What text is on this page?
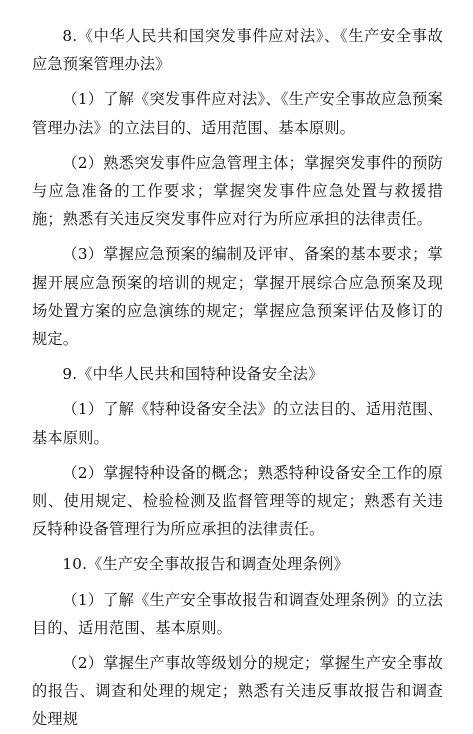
8.《中华人民共和国突发事件应对法》、《生产安全事故应急预案管理办法》

（1）了解《突发事件应对法》、《生产安全事故应急预案管理办法》的立法目的、适用范围、基本原则。

（2）熟悉突发事件应急管理主体；掌握突发事件的预防与应急准备的工作要求；掌握突发事件应急处置与救援措施；熟悉有关违反突发事件应对行为所应承担的法律责任。

（3）掌握应急预案的编制及评审、备案的基本要求；掌握开展应急预案的培训的规定；掌握开展综合应急预案及现场处置方案的应急演练的规定；掌握应急预案评估及修订的规定。

9.《中华人民共和国特种设备安全法》

（1）了解《特种设备安全法》的立法目的、适用范围、基本原则。

（2）掌握特种设备的概念；熟悉特种设备安全工作的原则、使用规定、检验检测及监督管理等的规定；熟悉有关违反特种设备管理行为所应承担的法律责任。

10.《生产安全事故报告和调查处理条例》

（1）了解《生产安全事故报告和调查处理条例》的立法目的、适用范围、基本原则。

（2）掌握生产事故等级划分的规定；掌握生产安全事故的报告、调查和处理的规定；熟悉有关违反事故报告和调查处理规
